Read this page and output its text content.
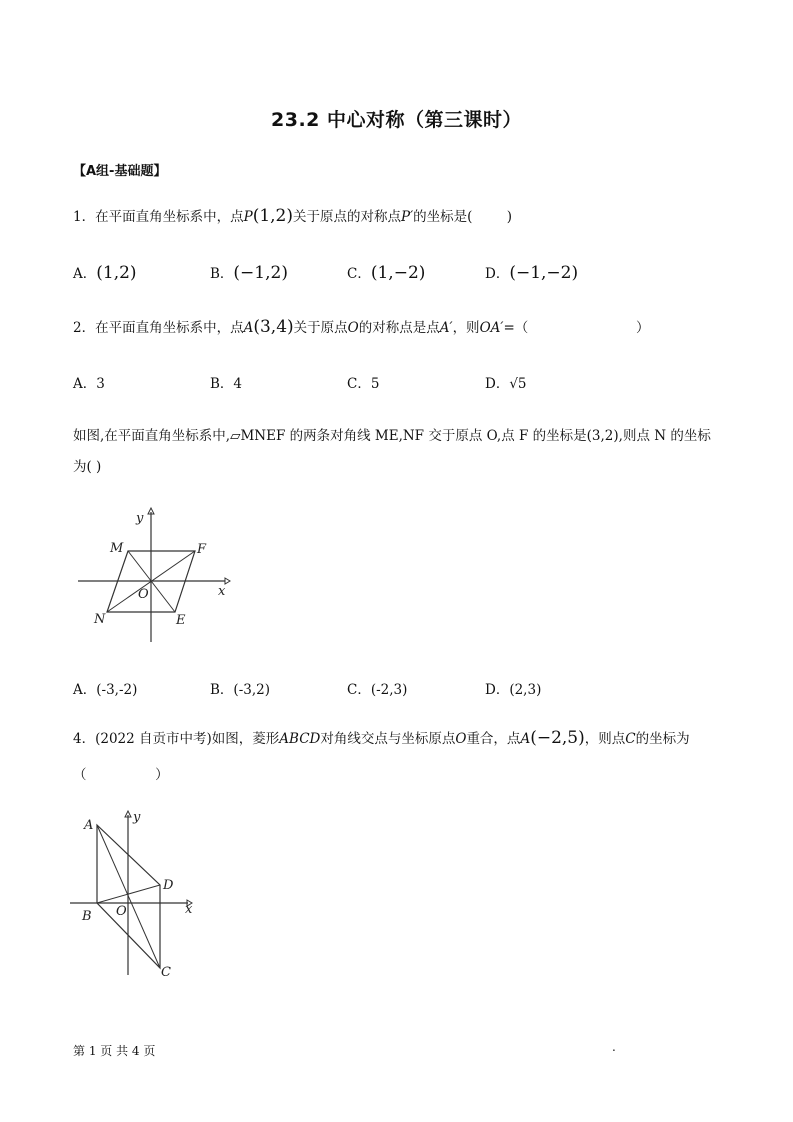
23.2 中心对称（第三课时）
【A组-基础题】
1．在平面直角坐标系中，点P(1,2)关于原点的对称点P′的坐标是(	)
A．(1,2)	B．(−1,2)	C．(1,−2)	D．(−1,−2)
2．在平面直角坐标系中，点A(3,4)关于原点O的对称点是点A′，则OA′=（	）
A．3	B．4	C．5	D．√5
如图,在平面直角坐标系中,▱MNEF 的两条对角线 ME,NF 交于原点 O,点 F 的坐标是(3,2),则点 N 的坐标
为( )
y
x
M	F
N	E
O
A．(-3,-2)	B．(-3,2)	C．(-2,3)	D．(2,3)
4．(2022 自贡市中考)如图，菱形ABCD对角线交点与坐标原点O重合，点A(−2,5)，则点C的坐标为
（                ）
y
x
A
D
B O
C
第 1 页 共 4 页	.
